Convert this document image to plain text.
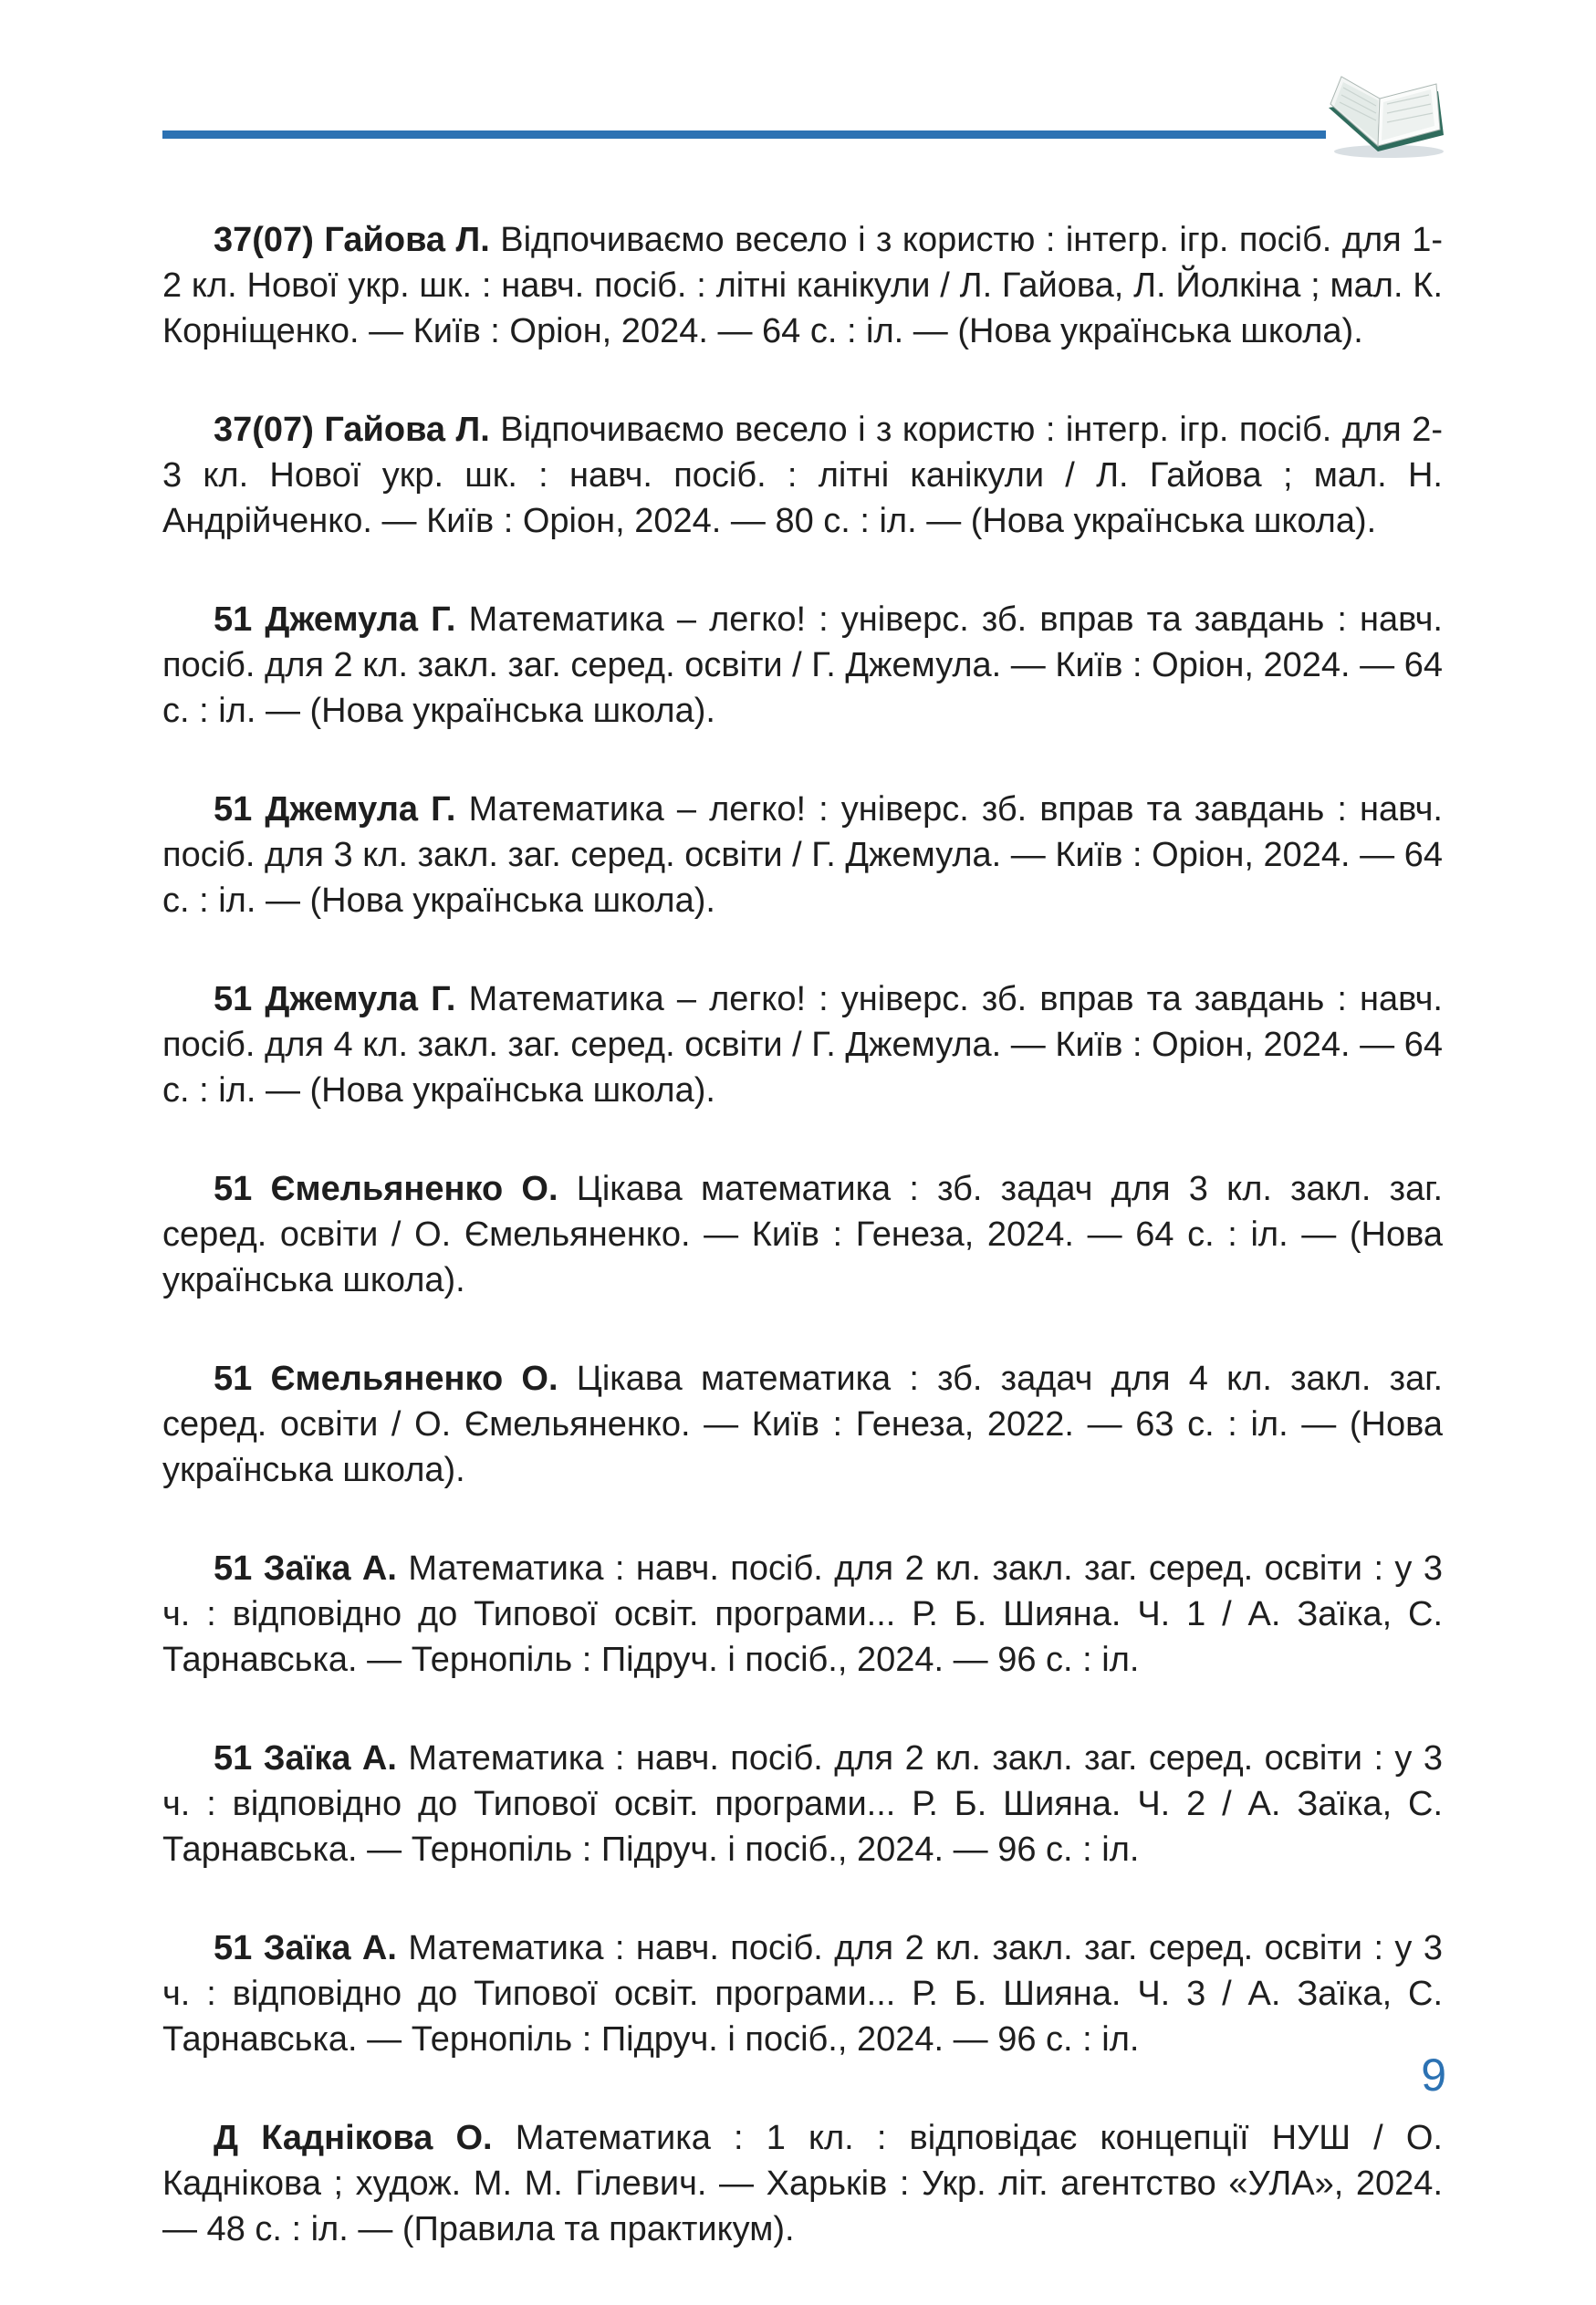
37(07) Гайова Л. Відпочиваємо весело і з користю : інтегр. ігр. посіб. для 1-2 кл. Нової укр. шк. : навч. посіб. : літні канікули / Л. Гайова, Л. Йолкіна ; мал. К. Корніщенко. — Київ : Оріон, 2024. — 64 с. : іл. — (Нова українська школа).

37(07) Гайова Л. Відпочиваємо весело і з користю : інтегр. ігр. посіб. для 2-3 кл. Нової укр. шк. : навч. посіб. : літні канікули / Л. Гайова ; мал. Н. Андрійченко. — Київ : Оріон, 2024. — 80 с. : іл. — (Нова українська школа).

51 Джемула Г. Математика – легко! : універс. зб. вправ та завдань : навч. посіб. для 2 кл. закл. заг. серед. освіти / Г. Джемула. — Київ : Оріон, 2024. — 64 с. : іл. — (Нова українська школа).

51 Джемула Г. Математика – легко! : універс. зб. вправ та завдань : навч. посіб. для 3 кл. закл. заг. серед. освіти / Г. Джемула. — Київ : Оріон, 2024. — 64 с. : іл. — (Нова українська школа).

51 Джемула Г. Математика – легко! : універс. зб. вправ та завдань : навч. посіб. для 4 кл. закл. заг. серед. освіти / Г. Джемула. — Київ : Оріон, 2024. — 64 с. : іл. — (Нова українська школа).

51 Ємельяненко О. Цікава математика : зб. задач для 3 кл. закл. заг. серед. освіти / О. Ємельяненко. — Київ : Генеза, 2024. — 64 с. : іл. — (Нова українська школа).

51 Ємельяненко О. Цікава математика : зб. задач для 4 кл. закл. заг. серед. освіти / О. Ємельяненко. — Київ : Генеза, 2022. — 63 с. : іл. — (Нова українська школа).

51 Заїка А. Математика : навч. посіб. для 2 кл. закл. заг. серед. освіти : у 3 ч. : відповідно до Типової освіт. програми... Р. Б. Шияна. Ч. 1 / А. Заїка, С. Тарнавська. — Тернопіль : Підруч. і посіб., 2024. — 96 с. : іл.

51 Заїка А. Математика : навч. посіб. для 2 кл. закл. заг. серед. освіти : у 3 ч. : відповідно до Типової освіт. програми... Р. Б. Шияна. Ч. 2 / А. Заїка, С. Тарнавська. — Тернопіль : Підруч. і посіб., 2024. — 96 с. : іл.

51 Заїка А. Математика : навч. посіб. для 2 кл. закл. заг. серед. освіти : у 3 ч. : відповідно до Типової освіт. програми... Р. Б. Шияна. Ч. 3 / А. Заїка, С. Тарнавська. — Тернопіль : Підруч. і посіб., 2024. — 96 с. : іл.

Д Каднікова О. Математика : 1 кл. : відповідає концепції НУШ / О. Каднікова ; худож. М. М. Гілевич. — Харьків : Укр. літ. агентство «УЛА», 2024. — 48 с. : іл. — (Правила та практикум).

9
